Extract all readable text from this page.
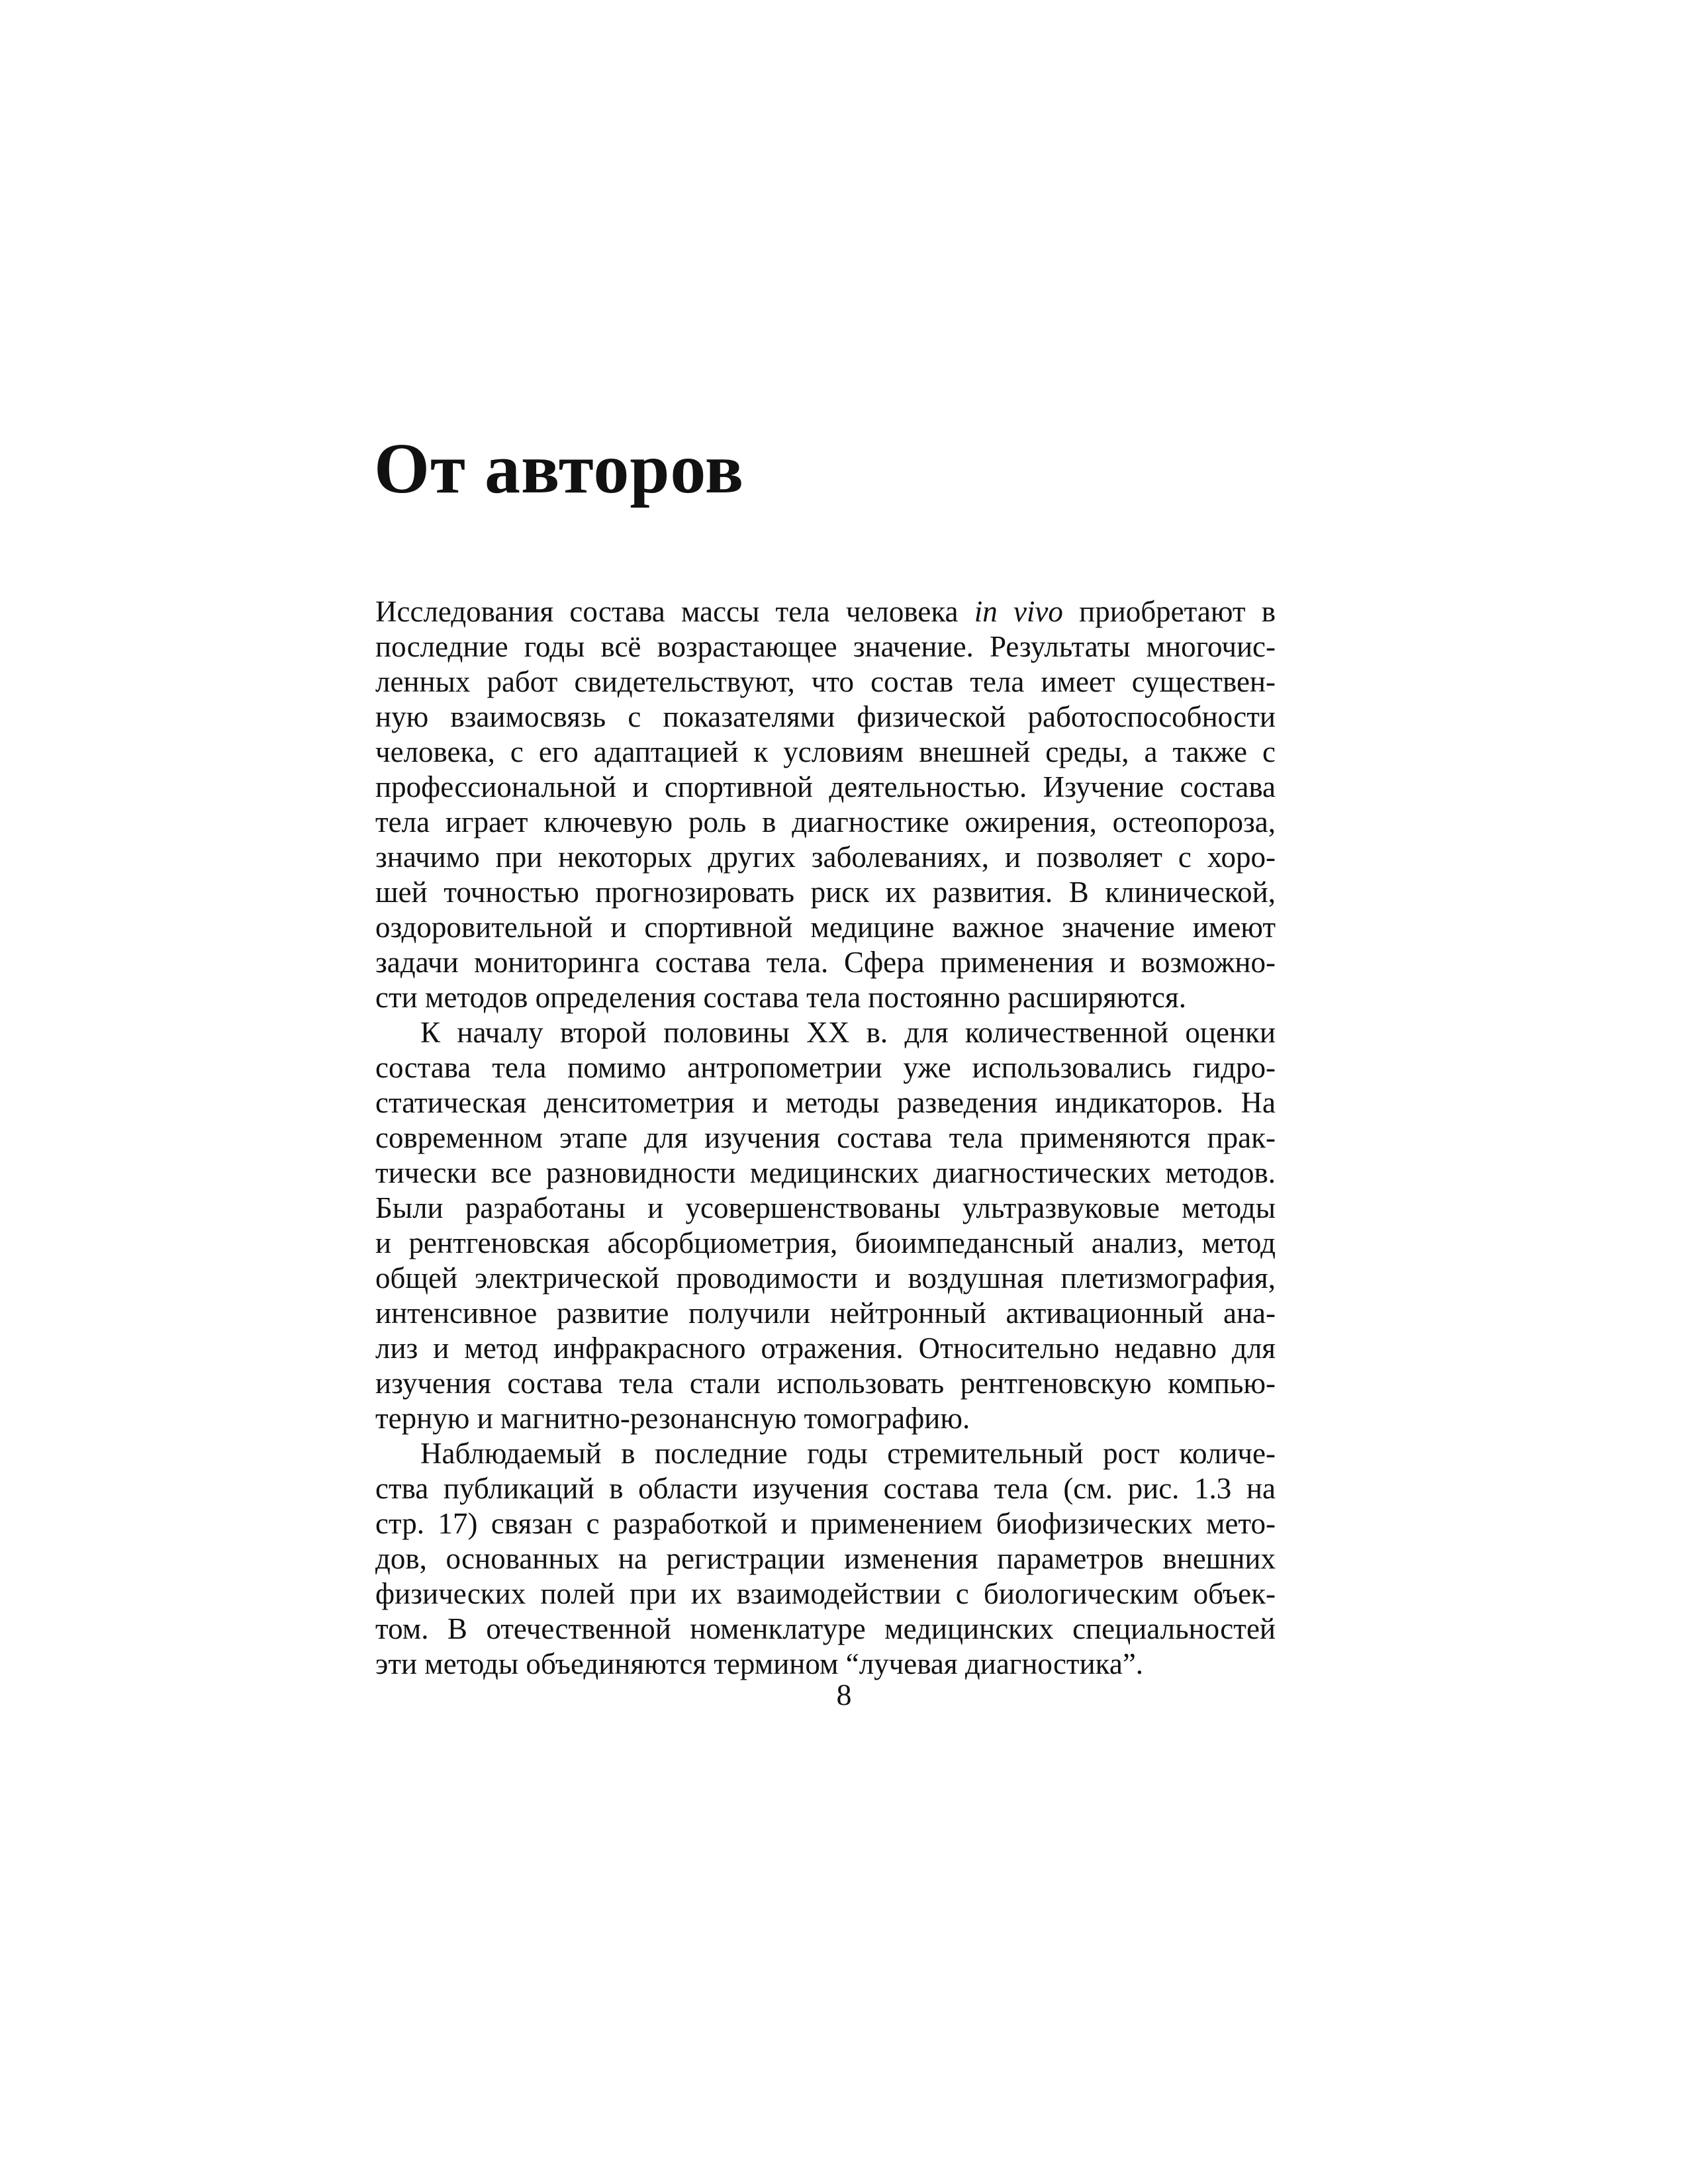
От авторов
Исследования состава массы тела человека in vivo приобретают в
последние годы всё возрастающее значение. Результаты многочис-
ленных работ свидетельствуют, что состав тела имеет существен-
ную взаимосвязь с показателями физической работоспособности
человека, с его адаптацией к условиям внешней среды, а также с
профессиональной и спортивной деятельностью. Изучение состава
тела играет ключевую роль в диагностике ожирения, остеопороза,
значимо при некоторых других заболеваниях, и позволяет с хоро-
шей точностью прогнозировать риск их развития. В клинической,
оздоровительной и спортивной медицине важное значение имеют
задачи мониторинга состава тела. Сфера применения и возможно-
сти методов определения состава тела постоянно расширяются.
К началу второй половины XX в. для количественной оценки
состава тела помимо антропометрии уже использовались гидро-
статическая денситометрия и методы разведения индикаторов. На
современном этапе для изучения состава тела применяются прак-
тически все разновидности медицинских диагностических методов.
Были разработаны и усовершенствованы ультразвуковые методы
и рентгеновская абсорбциометрия, биоимпедансный анализ, метод
общей электрической проводимости и воздушная плетизмография,
интенсивное развитие получили нейтронный активационный ана-
лиз и метод инфракрасного отражения. Относительно недавно для
изучения состава тела стали использовать рентгеновскую компью-
терную и магнитно-резонансную томографию.
Наблюдаемый в последние годы стремительный рост количе-
ства публикаций в области изучения состава тела (см. рис. 1.3 на
стр. 17) связан с разработкой и применением биофизических мето-
дов, основанных на регистрации изменения параметров внешних
физических полей при их взаимодействии с биологическим объек-
том. В отечественной номенклатуре медицинских специальностей
эти методы объединяются термином “лучевая диагностика”.
8
